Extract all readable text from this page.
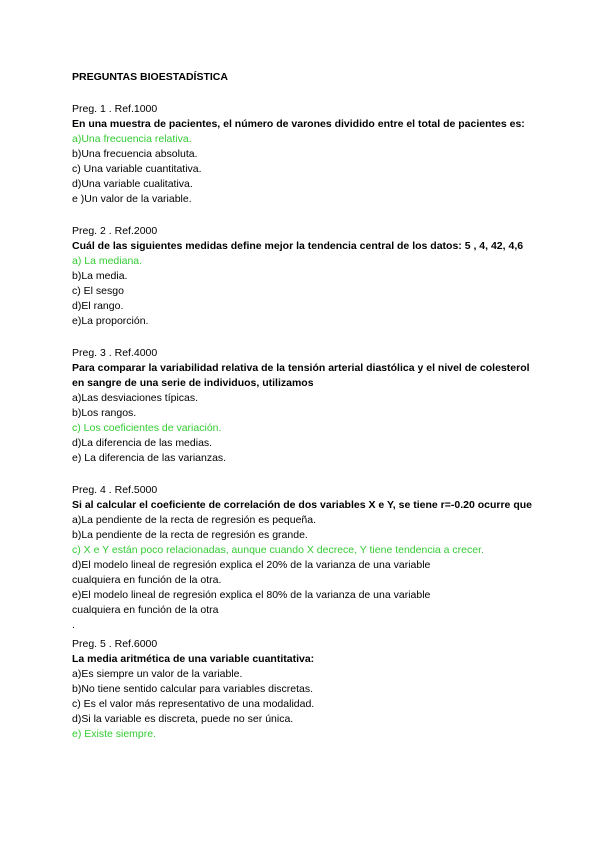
PREGUNTAS BIOESTADÍSTICA
Preg. 1 . Ref.1000
En una muestra de pacientes, el número de varones dividido entre el total de pacientes es:
a)Una frecuencia relativa.
b)Una frecuencia absoluta.
c) Una variable cuantitativa.
d)Una variable cualitativa.
e )Un valor de la variable.
Preg. 2 . Ref.2000
Cuál de las siguientes medidas define mejor la tendencia central de los datos: 5 , 4, 42, 4,6
a) La mediana.
b)La media.
c) El sesgo
d)El rango.
e)La proporción.
Preg. 3 . Ref.4000
Para comparar la variabilidad relativa de la tensión arterial diastólica y el nivel de colesterol en sangre de una serie de individuos, utilizamos
a)Las desviaciones típicas.
b)Los rangos.
c) Los coeficientes de variación.
d)La diferencia de las medias.
e) La diferencia de las varianzas.
Preg. 4 . Ref.5000
Si al calcular el coeficiente de correlación de dos variables X e Y, se tiene r=-0.20 ocurre que
a)La pendiente de la recta de regresión es pequeña.
b)La pendiente de la recta de regresión es grande.
c) X e Y están poco relacionadas, aunque cuando X decrece, Y tiene tendencia a crecer.
d)El modelo lineal de regresión explica el 20% de la varianza de una variable cualquiera en función de la otra.
e)El modelo lineal de regresión explica el 80% de la varianza de una variable cualquiera en función de la otra
.
Preg. 5 . Ref.6000
La media aritmética de una variable cuantitativa:
a)Es siempre un valor de la variable.
b)No tiene sentido calcular para variables discretas.
c) Es el valor más representativo de una modalidad.
d)Si la variable es discreta, puede no ser única.
e) Existe siempre.
